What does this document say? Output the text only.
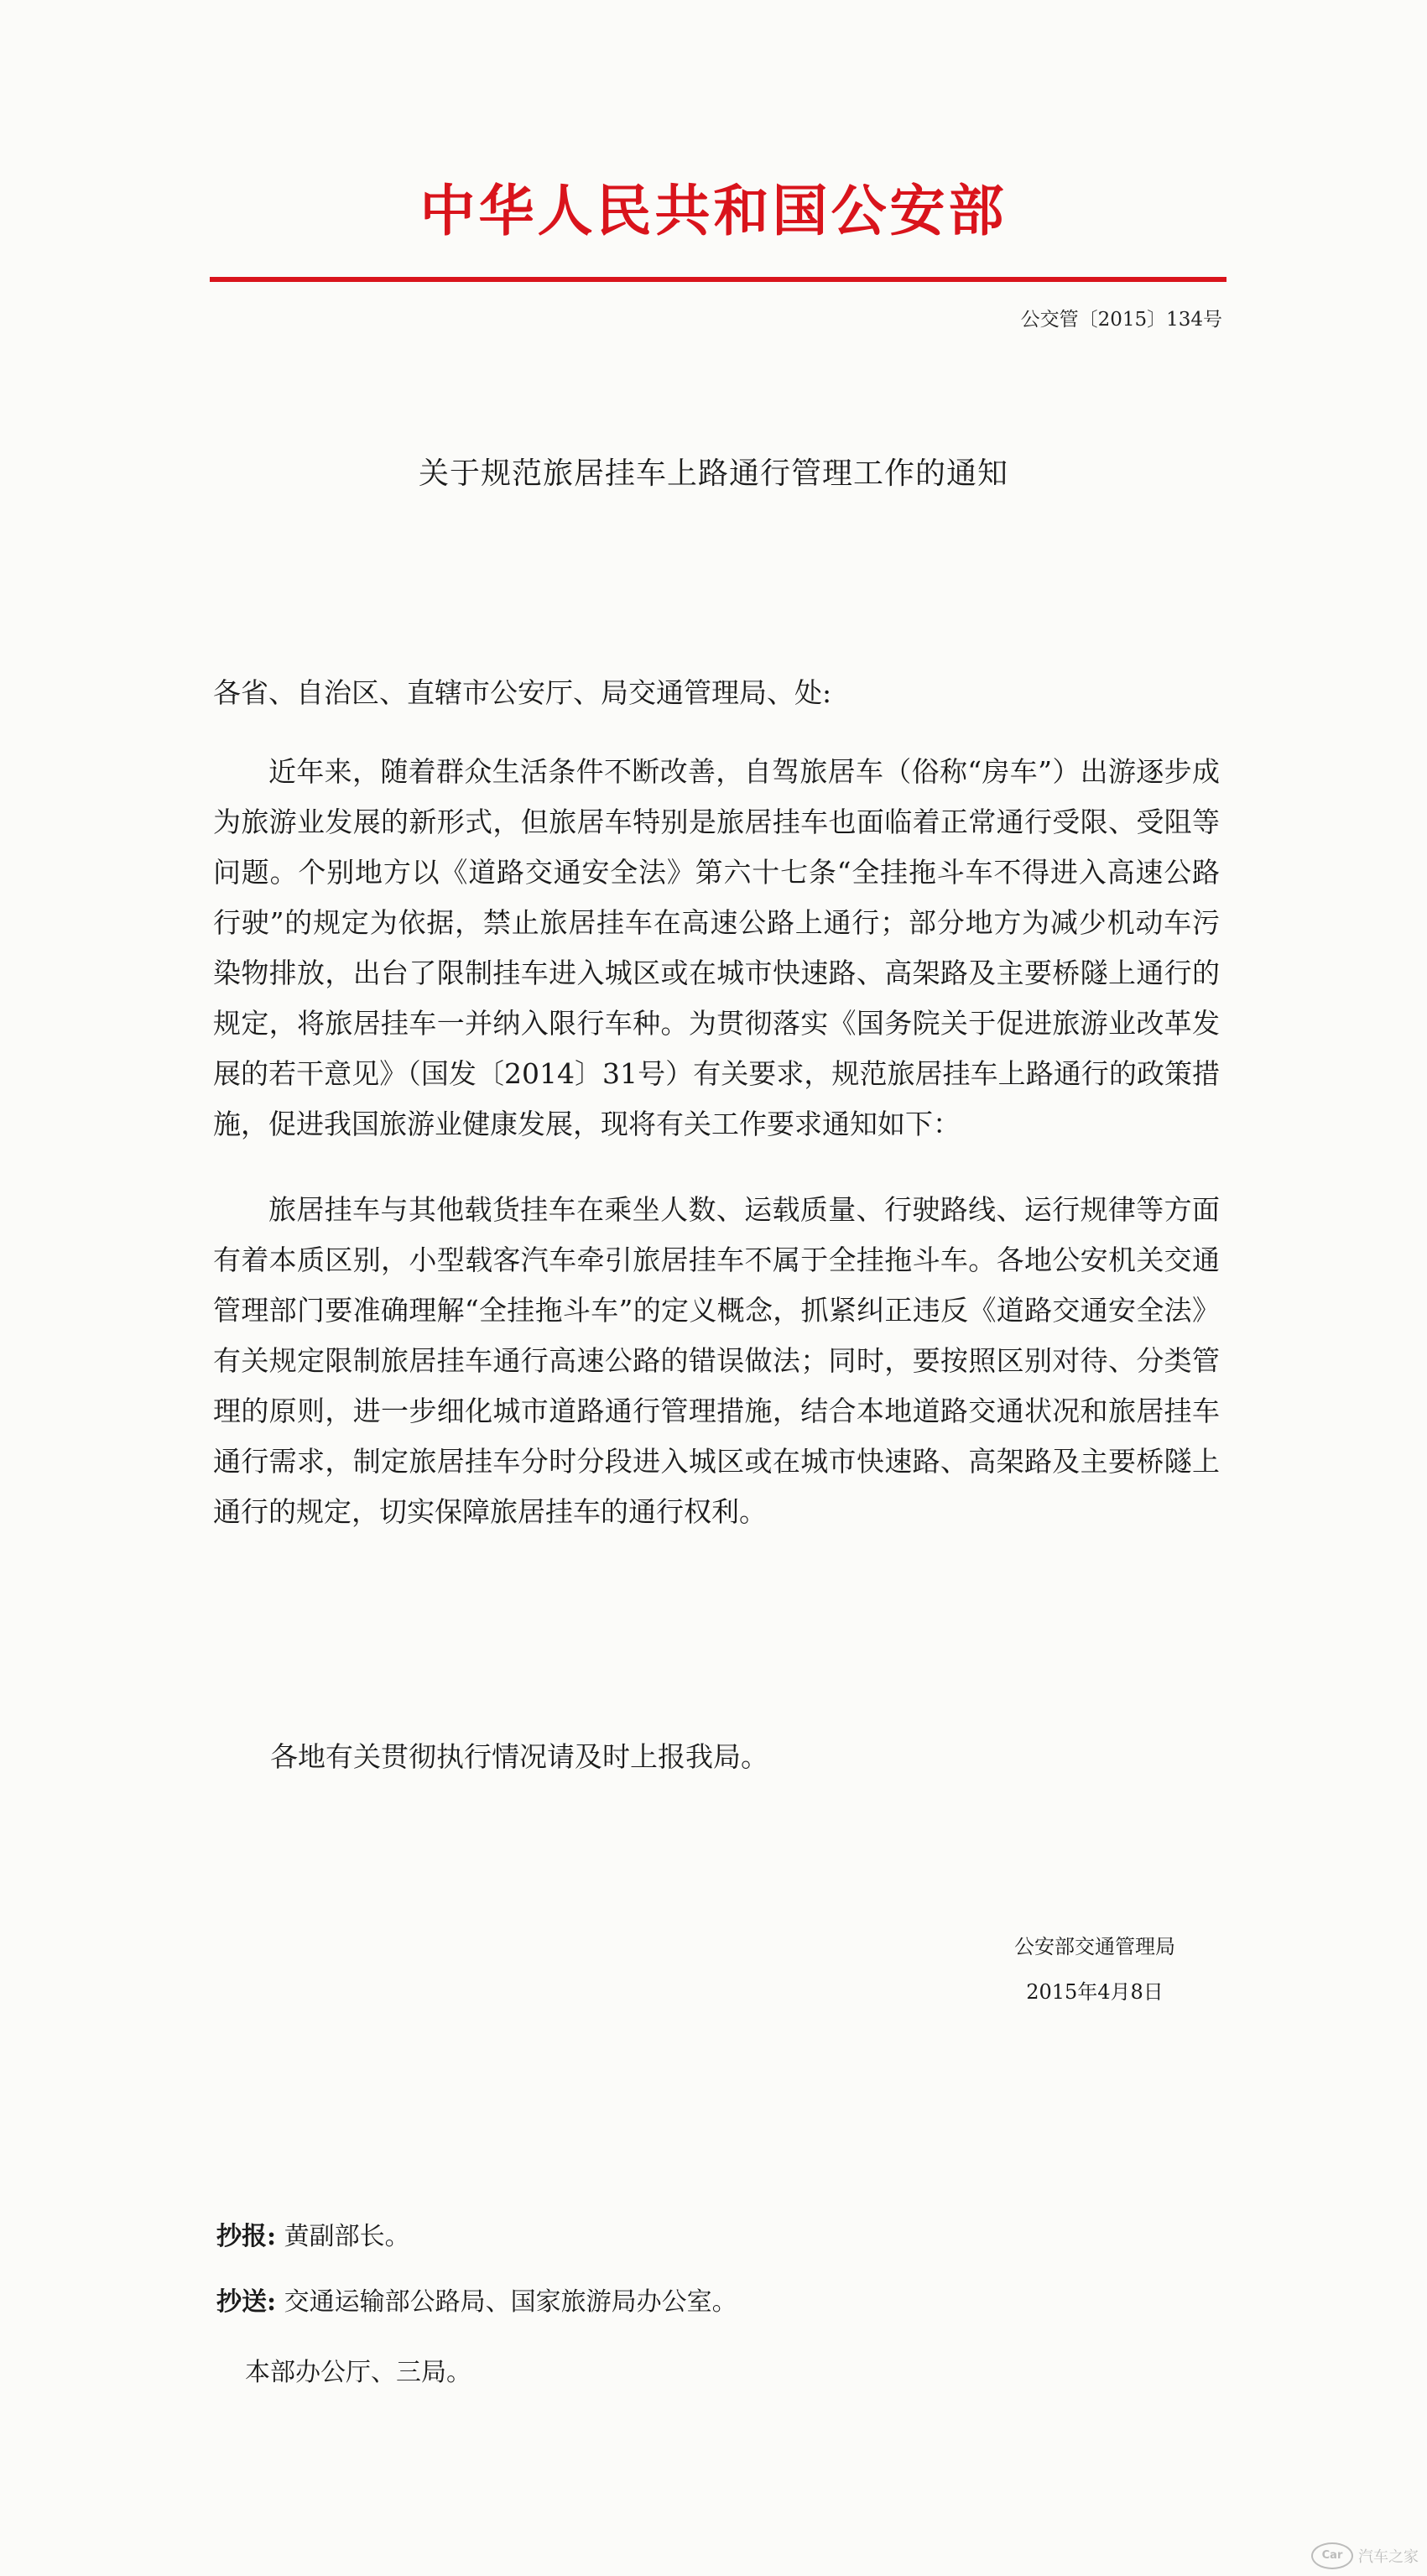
中华人民共和国公安部
公交管〔2015〕134号
关于规范旅居挂车上路通行管理工作的通知
各省、自治区、直辖市公安厅、局交通管理局、处:
近年来，随着群众生活条件不断改善，自驾旅居车（俗称“房车”）出游逐步成为旅游业发展的新形式，但旅居车特别是旅居挂车也面临着正常通行受限、受阻等问题。个别地方以《道路交通安全法》第六十七条“全挂拖斗车不得进入高速公路行驶”的规定为依据，禁止旅居挂车在高速公路上通行；部分地方为减少机动车污染物排放，出台了限制挂车进入城区或在城市快速路、高架路及主要桥隧上通行的规定，将旅居挂车一并纳入限行车种。为贯彻落实《国务院关于促进旅游业改革发展的若干意见》（国发〔2014〕31号）有关要求，规范旅居挂车上路通行的政策措施，促进我国旅游业健康发展，现将有关工作要求通知如下：
旅居挂车与其他载货挂车在乘坐人数、运载质量、行驶路线、运行规律等方面有着本质区别，小型载客汽车牵引旅居挂车不属于全挂拖斗车。各地公安机关交通管理部门要准确理解“全挂拖斗车”的定义概念，抓紧纠正违反《道路交通安全法》有关规定限制旅居挂车通行高速公路的错误做法；同时，要按照区别对待、分类管理的原则，进一步细化城市道路通行管理措施，结合本地道路交通状况和旅居挂车通行需求，制定旅居挂车分时分段进入城区或在城市快速路、高架路及主要桥隧上通行的规定，切实保障旅居挂车的通行权利。
各地有关贯彻执行情况请及时上报我局。
公安部交通管理局
2015年4月8日
抄报: 黄副部长。
抄送: 交通运输部公路局、国家旅游局办公室。
本部办公厅、三局。
Car	汽车之家
